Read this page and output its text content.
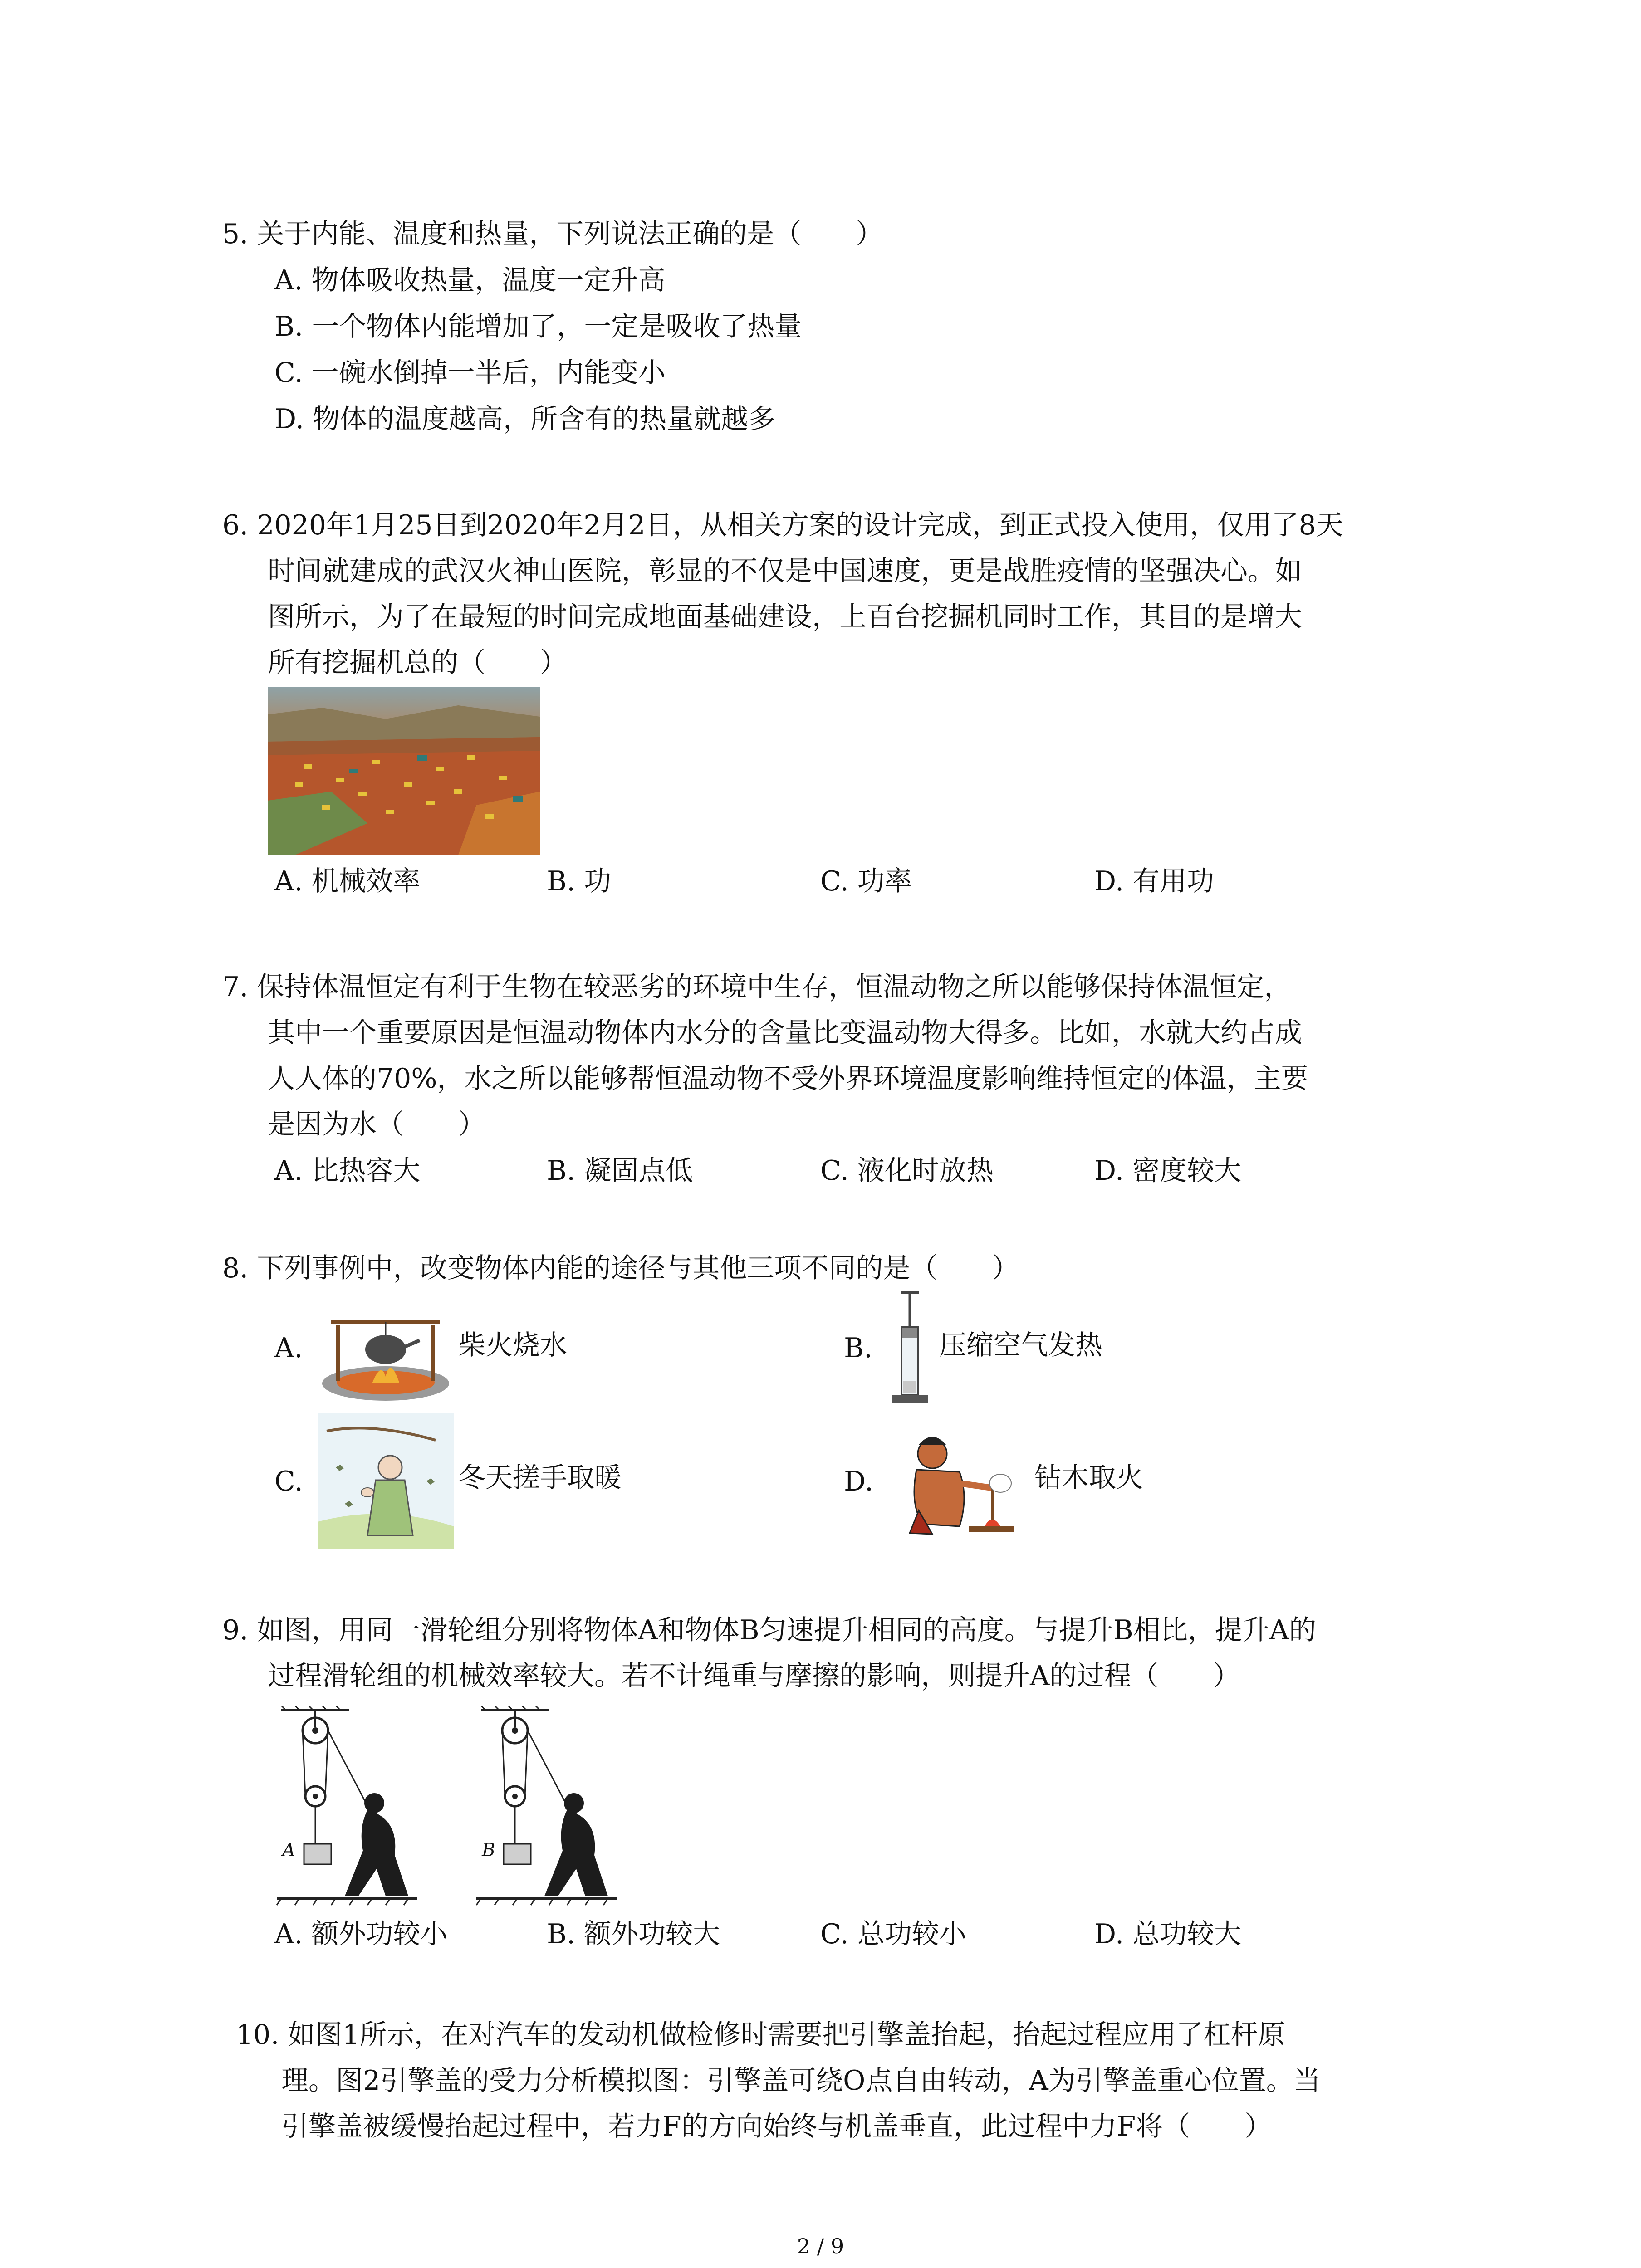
5. 关于内能、温度和热量，下列说法正确的是（　　）
A. 物体吸收热量，温度一定升高
B. 一个物体内能增加了，一定是吸收了热量
C. 一碗水倒掉一半后，内能变小
D. 物体的温度越高，所含有的热量就越多
6. 2020年1月25日到2020年2月2日，从相关方案的设计完成，到正式投入使用，仅用了8天
时间就建成的武汉火神山医院，彰显的不仅是中国速度，更是战胜疫情的坚强决心。如
图所示，为了在最短的时间完成地面基础建设，上百台挖掘机同时工作，其目的是增大
所有挖掘机总的（　　）
A. 机械效率	B. 功	C. 功率	D. 有用功
7. 保持体温恒定有利于生物在较恶劣的环境中生存，恒温动物之所以能够保持体温恒定，
其中一个重要原因是恒温动物体内水分的含量比变温动物大得多。比如，水就大约占成
人人体的70%，水之所以能够帮恒温动物不受外界环境温度影响维持恒定的体温，主要
是因为水（　　）
A. 比热容大	B. 凝固点低	C. 液化时放热	D. 密度较大
8. 下列事例中，改变物体内能的途径与其他三项不同的是（　　）
A.	柴火烧水	B. 压缩空气发热
C.	冬天搓手取暖	D.	钻木取火
9. 如图，用同一滑轮组分别将物体A和物体B匀速提升相同的高度。与提升B相比，提升A的
过程滑轮组的机械效率较大。若不计绳重与摩擦的影响，则提升A的过程（　　）
A	B
A. 额外功较小	B. 额外功较大	C. 总功较小	D. 总功较大
10. 如图1所示，在对汽车的发动机做检修时需要把引擎盖抬起，抬起过程应用了杠杆原
理。图2引擎盖的受力分析模拟图：引擎盖可绕O点自由转动，A为引擎盖重心位置。当
引擎盖被缓慢抬起过程中，若力F的方向始终与机盖垂直，此过程中力F将（　　）
2 / 9
